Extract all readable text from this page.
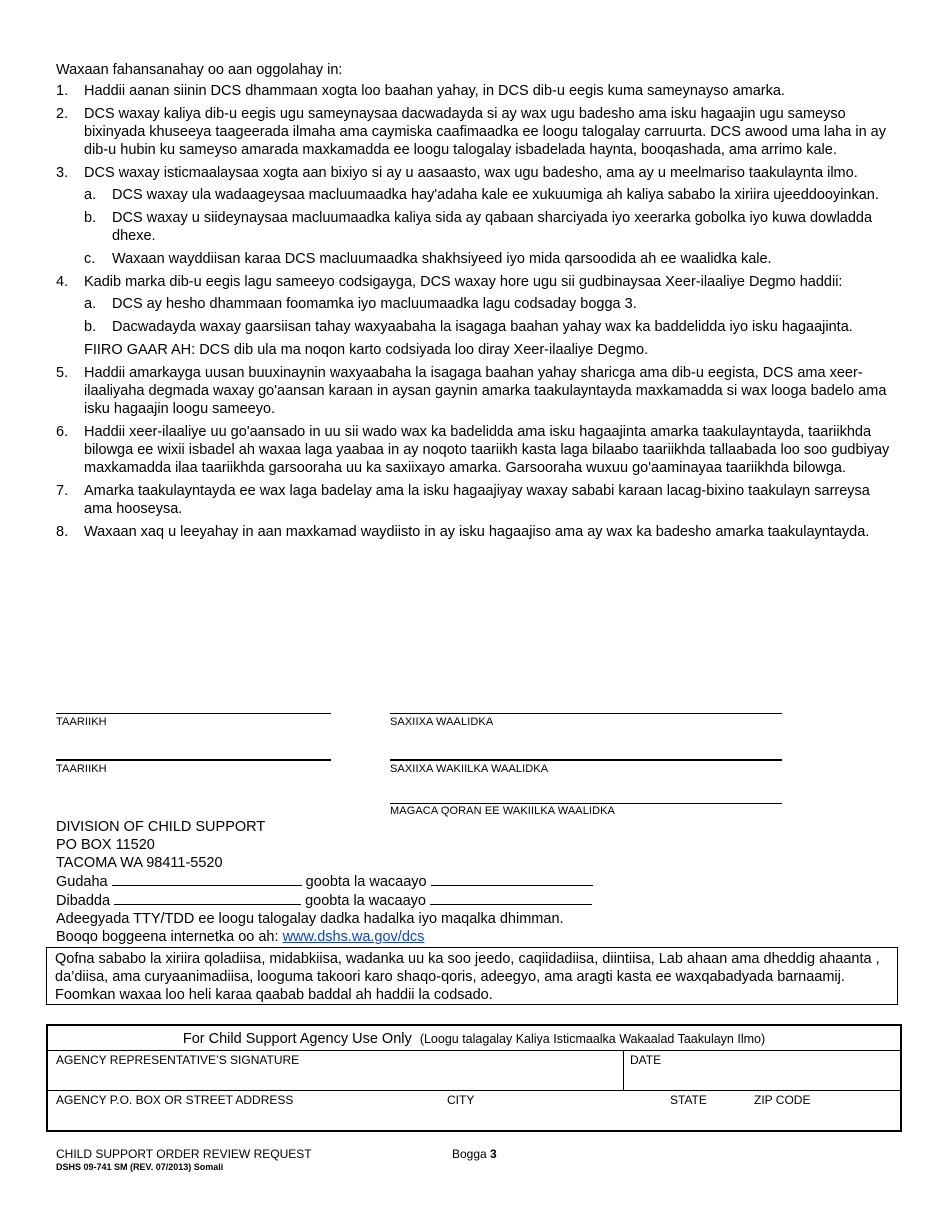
Waxaan fahansanahay oo aan oggolahay in:
1. Haddii aanan siinin DCS dhammaan xogta loo baahan yahay, in DCS dib-u eegis kuma sameynayso amarka.
2. DCS waxay kaliya dib-u eegis ugu sameynaysaa dacwadayda si ay wax ugu badesho ama isku hagaajin ugu sameyso bixinyada khuseeya taageerada ilmaha ama caymiska caafimaadka ee loogu talogalay carruurta. DCS awood uma laha in ay dib-u hubin ku sameyso amarada maxkamadda ee loogu talogalay isbadelada haynta, booqashada, ama arrimo kale.
3. DCS waxay isticmaalaysaa xogta aan bixiyo si ay u aasaasto, wax ugu badesho, ama ay u meelmariso taakulaynta ilmo.
a. DCS waxay ula wadaageysaa macluumaadka hay'adaha kale ee xukuumiga ah kaliya sababo la xiriira ujeeddooyinkan.
b. DCS waxay u siideynaysaa macluumaadka kaliya sida ay qabaan sharciyada iyo xeerarka gobolka iyo kuwa dowladda dhexe.
c. Waxaan wayddiisan karaa DCS macluumaadka shakhsiyeed iyo mida qarsoodida ah ee waalidka kale.
4. Kadib marka dib-u eegis lagu sameeyo codsigayga, DCS waxay hore ugu sii gudbinaysaa Xeer-ilaaliye Degmo haddii:
a. DCS ay hesho dhammaan foomamka iyo macluumaadka lagu codsaday bogga 3.
b. Dacwadayda waxay gaarsiisan tahay waxyaabaha la isagaga baahan yahay wax ka baddelidda iyo isku hagaajinta.
FIIRO GAAR AH: DCS dib ula ma noqon karto codsiyada loo diray Xeer-ilaaliye Degmo.
5. Haddii amarkayga uusan buuxinaynin waxyaabaha la isagaga baahan yahay sharicga ama dib-u eegista, DCS ama xeer-ilaaliyaha degmada waxay go'aansan karaan in aysan gaynin amarka taakulayntayda maxkamadda si wax looga badelo ama isku hagaajin loogu sameeyo.
6. Haddii xeer-ilaaliye uu go'aansado in uu sii wado wax ka badelidda ama isku hagaajinta amarka taakulayntayda, taariikhda bilowga ee wixii isbadel ah waxaa laga yaabaa in ay noqoto taariikh kasta laga bilaabo taariikhda tallaabada loo soo gudbiyay maxkamadda ilaa taariikhda garsooraha uu ka saxiixayo amarka. Garsooraha wuxuu go'aaminayaa taariikhda bilowga.
7. Amarka taakulayntayda ee wax laga badelay ama la isku hagaajiyay waxay sababi karaan lacag-bixino taakulayn sarreysa ama hooseysa.
8. Waxaan xaq u leeyahay in aan maxkamad waydiisto in ay isku hagaajiso ama ay wax ka badesho amarka taakulayntayda.
TAARIIKH	SAXIIXA WAALIDKA
TAARIIKH	SAXIIXA WAKIILKA WAALIDKA
MAGACA QORAN EE WAKIILKA WAALIDKA
DIVISION OF CHILD SUPPORT
PO BOX 11520
TACOMA WA 98411-5520
Gudaha	goobta la wacaayo
Dibadda	goobta la wacaayo
Adeegyada TTY/TDD ee loogu talogalay dadka hadalka iyo maqalka dhimman.
Booqo boggeena internetka oo ah: www.dshs.wa.gov/dcs
Qofna sababo la xiriira qoladiisa, midabkiisa, wadanka uu ka soo jeedo, caqiidadiisa, diintiisa, Lab ahaan ama dheddig ahaanta , da’diisa, ama curyaanimadiisa, looguma takoori karo shaqo-qoris, adeegyo, ama aragti kasta ee waxqabadyada barnaamij. Foomkan waxaa loo heli karaa qaabab baddal ah haddii la codsado.
For Child Support Agency Use Only (Loogu talagalay Kaliya Isticmaalka Wakaalad Taakulayn Ilmo)
AGENCY REPRESENTATIVE’S SIGNATURE	DATE
AGENCY P.O. BOX OR STREET ADDRESS	CITY	STATE	ZIP CODE
CHILD SUPPORT ORDER REVIEW REQUEST	Bogga 3
DSHS 09-741 SM (REV. 07/2013) Somali
